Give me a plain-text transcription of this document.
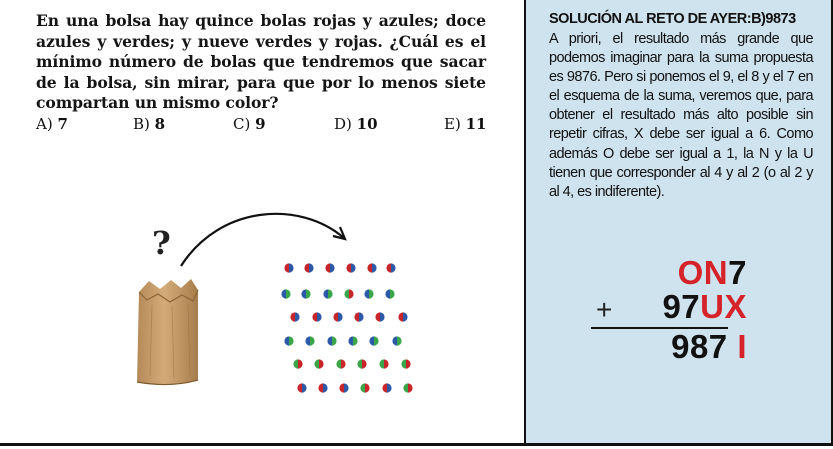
?

En una bolsa hay quince bolas rojas y azules; doce azules y verdes; y nueve verdes y rojas. ¿Cuál es el mínimo número de bolas que tendremos que sacar de la bolsa, sin mirar, para que por lo menos siete compartan un mismo color?

A) 7	B) 8	C) 9	D) 10	E) 11
SOLUCIÓN AL RETO DE AYER:B)9873

A priori, el resultado más grande que podemos imaginar para la suma propuesta es 9876. Pero si ponemos el 9, el 8 y el 7 en el esquema de la suma, veremos que, para obtener el resultado más alto posible sin repetir cifras, X debe ser igual a 6. Como además O debe ser igual a 1, la N y la U tienen que corresponder al 4 y al 2 (o al 2 y al 4, es indiferente).

ON7
+ 97UX
987 I
